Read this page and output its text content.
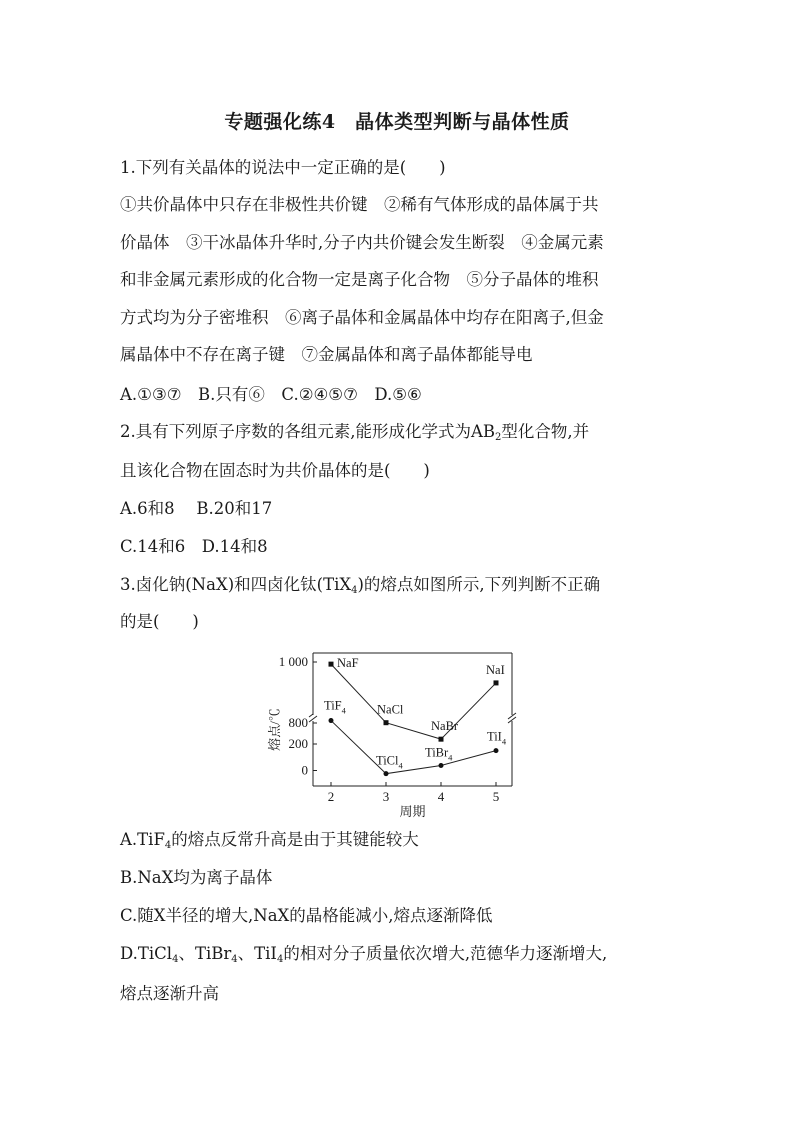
专题强化练4　晶体类型判断与晶体性质
1.下列有关晶体的说法中一定正确的是(　　)
①共价晶体中只存在非极性共价键　②稀有气体形成的晶体属于共
价晶体　③干冰晶体升华时,分子内共价键会发生断裂　④金属元素
和非金属元素形成的化合物一定是离子化合物　⑤分子晶体的堆积
方式均为分子密堆积　⑥离子晶体和金属晶体中均存在阳离子,但金
属晶体中不存在离子键　⑦金属晶体和离子晶体都能导电
A.①③⑦　B.只有⑥　C.②④⑤⑦　D.⑤⑥
2.具有下列原子序数的各组元素,能形成化学式为$AB_2$型化合物,并
且该化合物在固态时为共价晶体的是(　　)
A.6和8　 B.20和17
C.14和6　D.14和8
3.卤化钠(NaX)和四卤化钛(TiX$_4$)的熔点如图所示,下列判断不正确
的是(　　)
1 000
800
200
0
2	3	4	5
周期
熔点/℃
NaF
NaCl
NaBr
NaI
TiF$_4$
TiCl$_4$
TiBr$_4$
TiI$_4$
A.TiF$_4$的熔点反常升高是由于其键能较大
B.NaX均为离子晶体
C.随X半径的增大,NaX的晶格能减小,熔点逐渐降低
D.TiCl$_4$、TiBr$_4$、TiI$_4$的相对分子质量依次增大,范德华力逐渐增大,
熔点逐渐升高
